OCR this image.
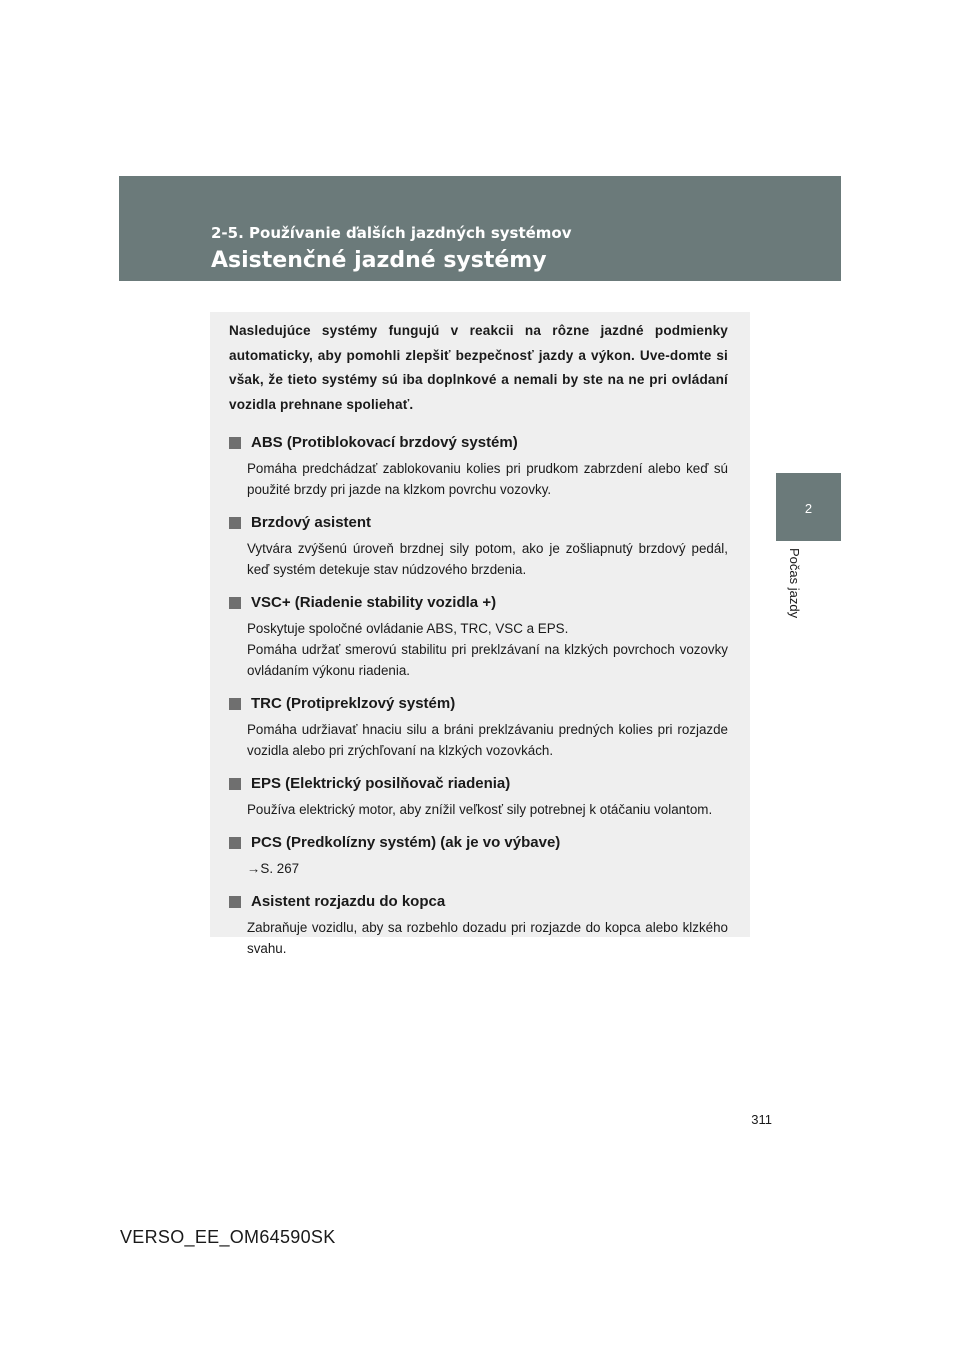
2-5. Používanie ďalších jazdných systémov

Asistenčné jazdné systémy
2
Počas jazdy

Nasledujúce systémy fungujú v reakcii na rôzne jazdné podmienky automaticky, aby pomohli zlepšiť bezpečnosť jazdy a výkon. Uve-domte si však, že tieto systémy sú iba doplnkové a nemali by ste na ne pri ovládaní vozidla prehnane spoliehať.

ABS (Protiblokovací brzdový systém)

Pomáha predchádzať zablokovaniu kolies pri prudkom zabrzdení alebo keď sú použité brzdy pri jazde na klzkom povrchu vozovky.

Brzdový asistent

Vytvára zvýšenú úroveň brzdnej sily potom, ako je zošliapnutý brzdový pedál, keď systém detekuje stav núdzového brzdenia.

VSC+ (Riadenie stability vozidla +)

Poskytuje spoločné ovládanie ABS, TRC, VSC a EPS.

Pomáha udržať smerovú stabilitu pri preklzávaní na klzkých povrchoch vozovky ovládaním výkonu riadenia.

TRC (Protipreklzový systém)

Pomáha udržiavať hnaciu silu a bráni preklzávaniu predných kolies pri rozjazde vozidla alebo pri zrýchľovaní na klzkých vozovkách.

EPS (Elektrický posilňovač riadenia)

Používa elektrický motor, aby znížil veľkosť sily potrebnej k otáčaniu volantom.

PCS (Predkolízny systém) (ak je vo výbave)

→S. 267

Asistent rozjazdu do kopca

Zabraňuje vozidlu, aby sa rozbehlo dozadu pri rozjazde do kopca alebo klzkého svahu.

311
VERSO_EE_OM64590SK
